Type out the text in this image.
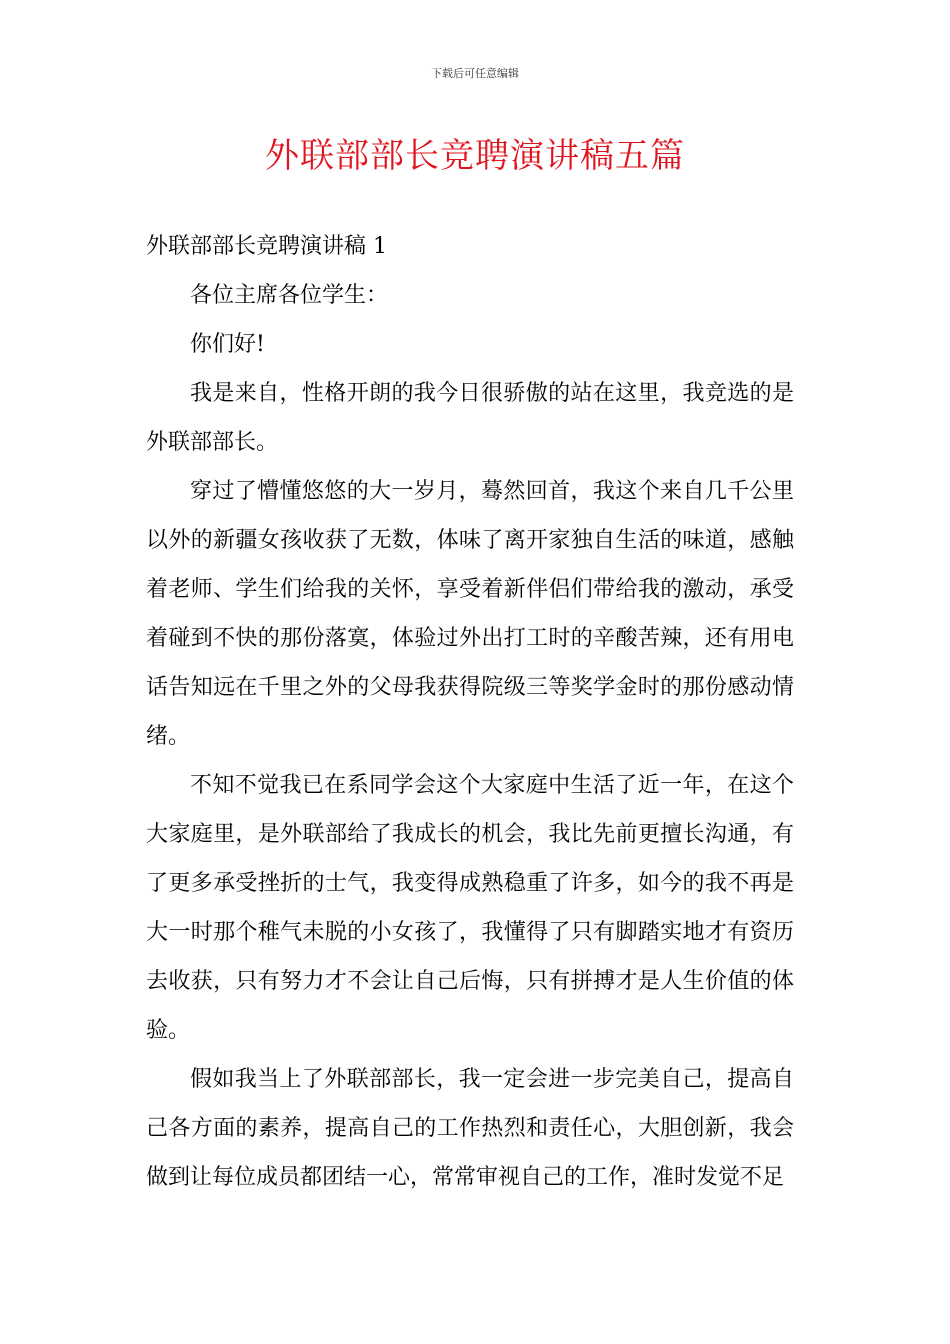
下载后可任意编辑
外联部部长竞聘演讲稿五篇

外联部部长竞聘演讲稿 1

各位主席各位学生：

你们好!

我是来自，性格开朗的我今日很骄傲的站在这里，我竞选的是外联部部长。

穿过了懵懂悠悠的大一岁月，蓦然回首，我这个来自几千公里以外的新疆女孩收获了无数，体味了离开家独自生活的味道，感触着老师、学生们给我的关怀，享受着新伴侣们带给我的激动，承受着碰到不快的那份落寞，体验过外出打工时的辛酸苦辣，还有用电话告知远在千里之外的父母我获得院级三等奖学金时的那份感动情绪。

不知不觉我已在系同学会这个大家庭中生活了近一年，在这个大家庭里，是外联部给了我成长的机会，我比先前更擅长沟通，有了更多承受挫折的士气，我变得成熟稳重了许多，如今的我不再是大一时那个稚气未脱的小女孩了，我懂得了只有脚踏实地才有资历去收获，只有努力才不会让自己后悔，只有拼搏才是人生价值的体验。

假如我当上了外联部部长，我一定会进一步完美自己，提高自己各方面的素养，提高自己的工作热烈和责任心，大胆创新，我会做到让每位成员都团结一心，常常审视自己的工作，准时发觉不足
